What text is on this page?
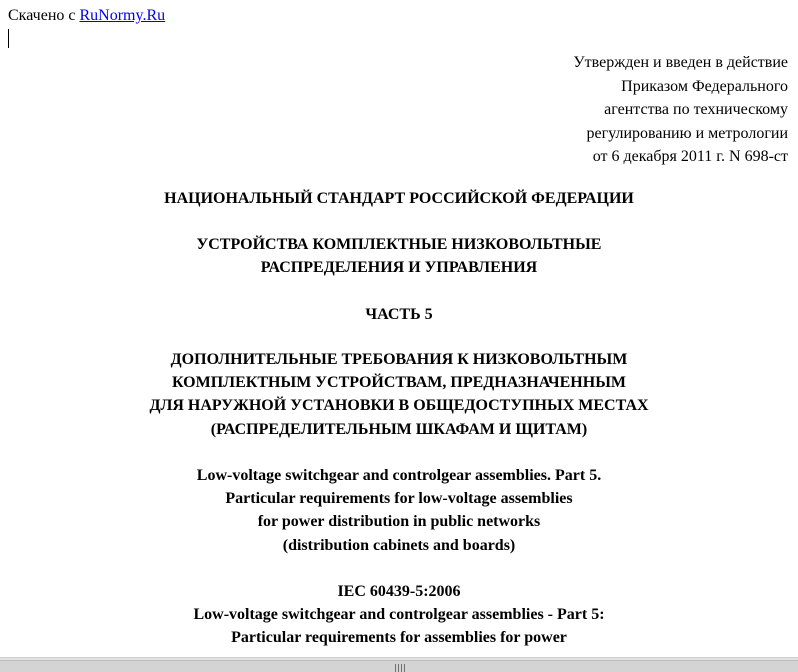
Скачено с RuNormy.Ru
Утвержден и введен в действие
Приказом Федерального
агентства по техническому
регулированию и метрологии
от 6 декабря 2011 г. N 698-ст
НАЦИОНАЛЬНЫЙ СТАНДАРТ РОССИЙСКОЙ ФЕДЕРАЦИИ
УСТРОЙСТВА КОМПЛЕКТНЫЕ НИЗКОВОЛЬТНЫЕ
РАСПРЕДЕЛЕНИЯ И УПРАВЛЕНИЯ
ЧАСТЬ 5
ДОПОЛНИТЕЛЬНЫЕ ТРЕБОВАНИЯ К НИЗКОВОЛЬТНЫМ
КОМПЛЕКТНЫМ УСТРОЙСТВАМ, ПРЕДНАЗНАЧЕННЫМ
ДЛЯ НАРУЖНОЙ УСТАНОВКИ В ОБЩЕДОСТУПНЫХ МЕСТАХ
(РАСПРЕДЕЛИТЕЛЬНЫМ ШКАФАМ И ЩИТАМ)
Low-voltage switchgear and controlgear assemblies. Part 5.
Particular requirements for low-voltage assemblies
for power distribution in public networks
(distribution cabinets and boards)
IEC 60439-5:2006
Low-voltage switchgear and controlgear assemblies - Part 5:
Particular requirements for assemblies for power
